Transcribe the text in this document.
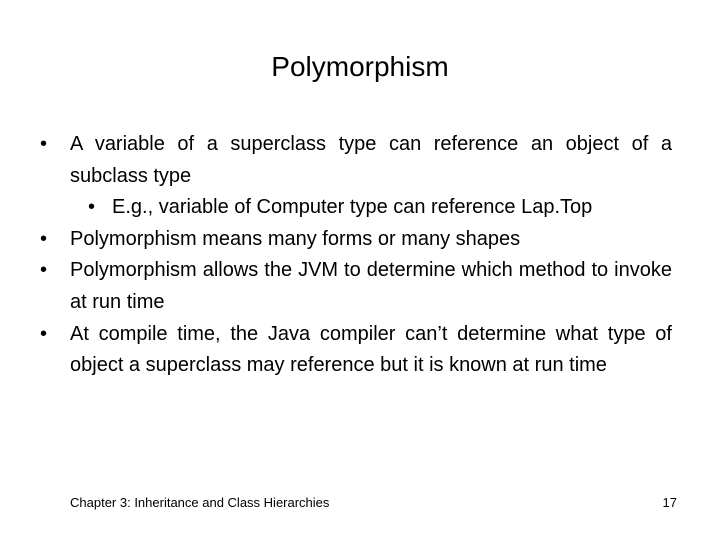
Polymorphism
•	A variable of a superclass type can reference an object of a subclass type
• E.g., variable of Computer type can reference Lap.Top
•	Polymorphism means many forms or many shapes
•	Polymorphism allows the JVM to determine which method to invoke at run time
•	At compile time, the Java compiler can’t determine what type of object a superclass may reference but it is known at run time
Chapter 3: Inheritance and Class Hierarchies	17
